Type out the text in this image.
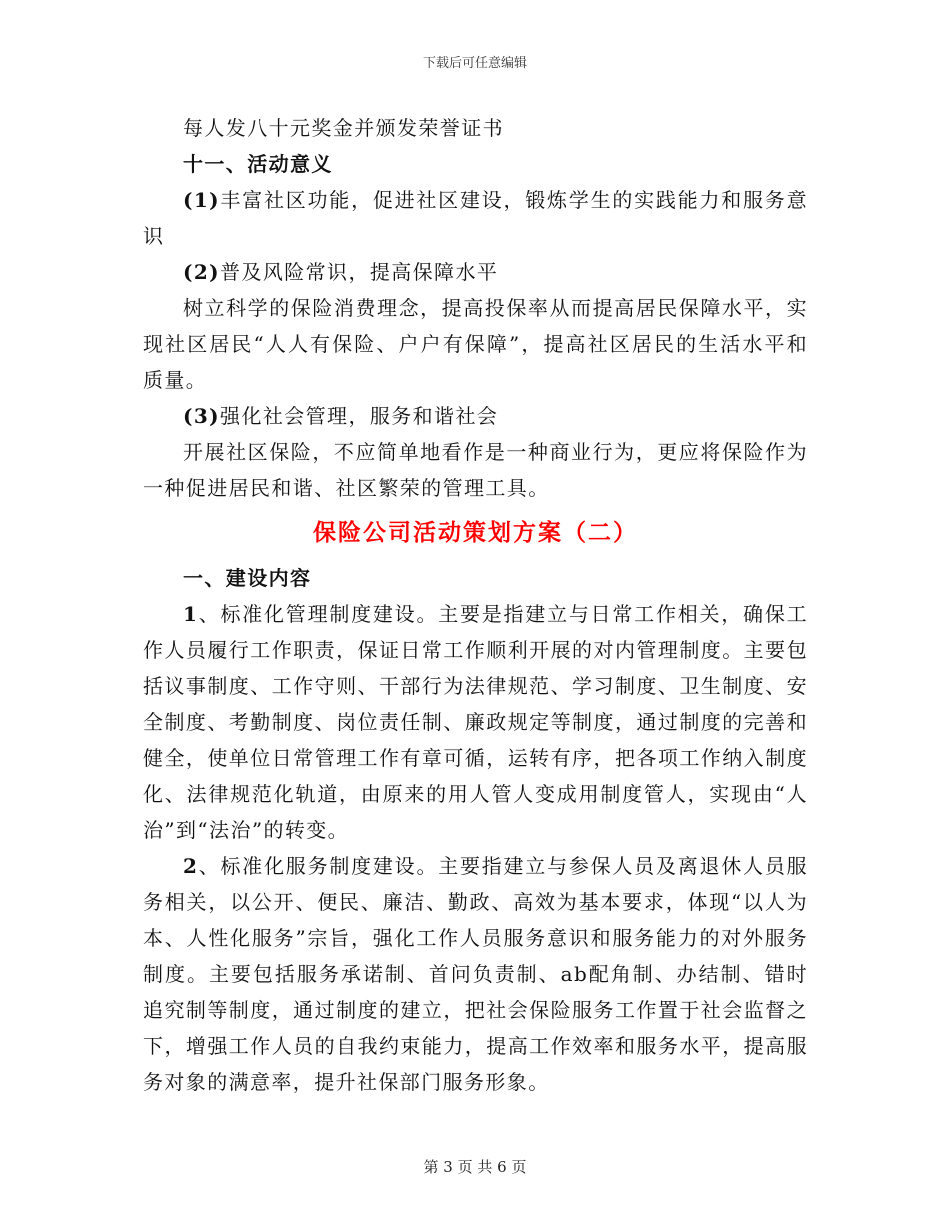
下载后可任意编辑

每人发八十元奖金并颁发荣誉证书

十一、活动意义

(1)丰富社区功能，促进社区建设，锻炼学生的实践能力和服务意识

(2)普及风险常识，提高保障水平

树立科学的保险消费理念，提高投保率从而提高居民保障水平，实现社区居民“人人有保险、户户有保障”，提高社区居民的生活水平和质量。

(3)强化社会管理，服务和谐社会

开展社区保险，不应简单地看作是一种商业行为，更应将保险作为一种促进居民和谐、社区繁荣的管理工具。

保险公司活动策划方案（二）

一、建设内容

1、标准化管理制度建设。主要是指建立与日常工作相关，确保工作人员履行工作职责，保证日常工作顺利开展的对内管理制度。主要包括议事制度、工作守则、干部行为法律规范、学习制度、卫生制度、安全制度、考勤制度、岗位责任制、廉政规定等制度，通过制度的完善和健全，使单位日常管理工作有章可循，运转有序，把各项工作纳入制度化、法律规范化轨道，由原来的用人管人变成用制度管人，实现由“人治”到“法治”的转变。

2、标准化服务制度建设。主要指建立与参保人员及离退休人员服务相关，以公开、便民、廉洁、勤政、高效为基本要求，体现“以人为本、人性化服务”宗旨，强化工作人员服务意识和服务能力的对外服务制度。主要包括服务承诺制、首问负责制、ab配角制、办结制、错时追究制等制度，通过制度的建立，把社会保险服务工作置于社会监督之下，增强工作人员的自我约束能力，提高工作效率和服务水平，提高服务对象的满意率，提升社保部门服务形象。

第 3 页 共 6 页
